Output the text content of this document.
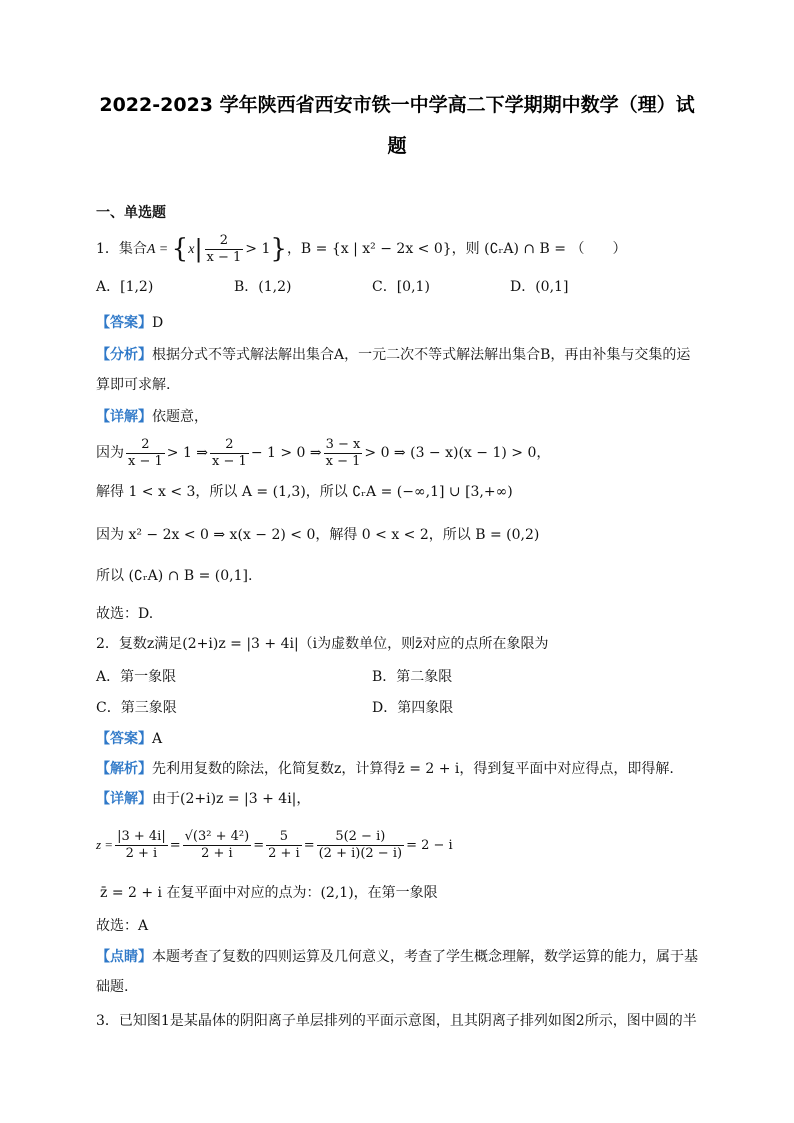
2022-2023 学年陕西省西安市铁一中学高二下学期期中数学（理）试
题
一、单选题
1．集合$A = \{x| \frac{2}{x - 1} > 1\}$，B = {x | x² − 2x < 0}，则 (∁ᵣA) ∩ B = （　　）
A．[1,2)	B．(1,2)	C．[0,1)	D．(0,1]
【答案】D
【分析】根据分式不等式解法解出集合A，一元二次不等式解法解出集合B，再由补集与交集的运算即可求解.
【详解】依题意，
因为 $\frac{2}{x - 1} > 1$ ⇒ $\frac{2}{x - 1} - 1 > 0$ ⇒ $\frac{3 - x}{x - 1} > 0$ ⇒ (3 − x)(x − 1) > 0，
解得 1 < x < 3，所以 A = (1,3)，所以 ∁ᵣA = (−∞,1] ∪ [3,+∞)
因为 x² − 2x < 0 ⇒ x(x − 2) < 0，解得 0 < x < 2，所以 B = (0,2)
所以 (∁ᵣA) ∩ B = (0,1].
故选：D.
2．复数z满足(2+i)z = |3 + 4i|（i为虚数单位，则z̄对应的点所在象限为
A．第一象限	B．第二象限
C．第三象限	D．第四象限
【答案】A
【解析】先利用复数的除法，化简复数z，计算得z̄ = 2 + i，得到复平面中对应得点，即得解.
【详解】由于(2+i)z = |3 + 4i|，
$z = \frac{|3 + 4i|}{2 + i} = \frac{\text{√(3² + 4²)}}{2 + i} = \frac{5}{2 + i} = \frac{5(2 - i)}{(2 + i)(2 - i)} = 2 - i$
z̄ = 2 + i 在复平面中对应的点为：(2,1)，在第一象限
故选：A
【点睛】本题考查了复数的四则运算及几何意义，考查了学生概念理解，数学运算的能力，属于基础题.
3．已知图1是某晶体的阴阳离子单层排列的平面示意图，且其阴离子排列如图2所示，图中圆的半
